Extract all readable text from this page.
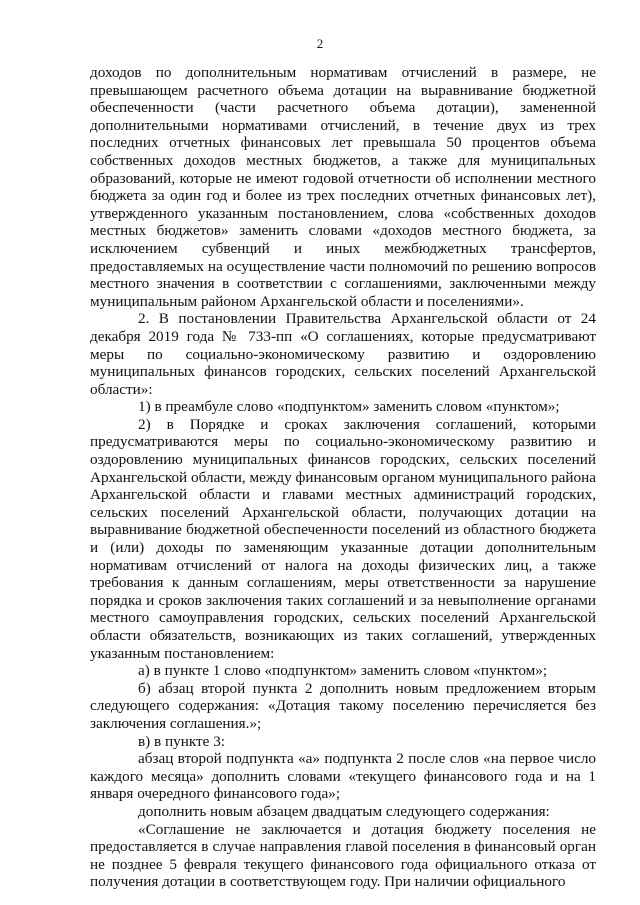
2

доходов по дополнительным нормативам отчислений в размере, не превышающем расчетного объема дотации на выравнивание бюджетной обеспеченности (части расчетного объема дотации), замененной дополнительными нормативами отчислений, в течение двух из трех последних отчетных финансовых лет превышала 50 процентов объема собственных доходов местных бюджетов, а также для муниципальных образований, которые не имеют годовой отчетности об исполнении местного бюджета за один год и более из трех последних отчетных финансовых лет), утвержденного указанным постановлением, слова «собственных доходов местных бюджетов» заменить словами «доходов местного бюджета, за исключением субвенций и иных межбюджетных трансфертов, предоставляемых на осуществление части полномочий по решению вопросов местного значения в соответствии с соглашениями, заключенными между муниципальным районом Архангельской области и поселениями».

2. В постановлении Правительства Архангельской области от 24 декабря 2019 года № 733-пп «О соглашениях, которые предусматривают меры по социально-экономическому развитию и оздоровлению муниципальных финансов городских, сельских поселений Архангельской области»:

1) в преамбуле слово «подпунктом» заменить словом «пунктом»;

2) в Порядке и сроках заключения соглашений, которыми предусматриваются меры по социально-экономическому развитию и оздоровлению муниципальных финансов городских, сельских поселений Архангельской области, между финансовым органом муниципального района Архангельской области и главами местных администраций городских, сельских поселений Архангельской области, получающих дотации на выравнивание бюджетной обеспеченности поселений из областного бюджета и (или) доходы по заменяющим указанные дотации дополнительным нормативам отчислений от налога на доходы физических лиц, а также требования к данным соглашениям, меры ответственности за нарушение порядка и сроков заключения таких соглашений и за невыполнение органами местного самоуправления городских, сельских поселений Архангельской области обязательств, возникающих из таких соглашений, утвержденных указанным постановлением:

а) в пункте 1 слово «подпунктом» заменить словом «пунктом»;

б) абзац второй пункта 2 дополнить новым предложением вторым следующего содержания: «Дотация такому поселению перечисляется без заключения соглашения.»;

в) в пункте 3:

абзац второй подпункта «а» подпункта 2 после слов «на первое число каждого месяца» дополнить словами «текущего финансового года и на 1 января очередного финансового года»;

дополнить новым абзацем двадцатым следующего содержания:

«Соглашение не заключается и дотация бюджету поселения не предоставляется в случае направления главой поселения в финансовый орган не позднее 5 февраля текущего финансового года официального отказа от получения дотации в соответствующем году. При наличии официального
